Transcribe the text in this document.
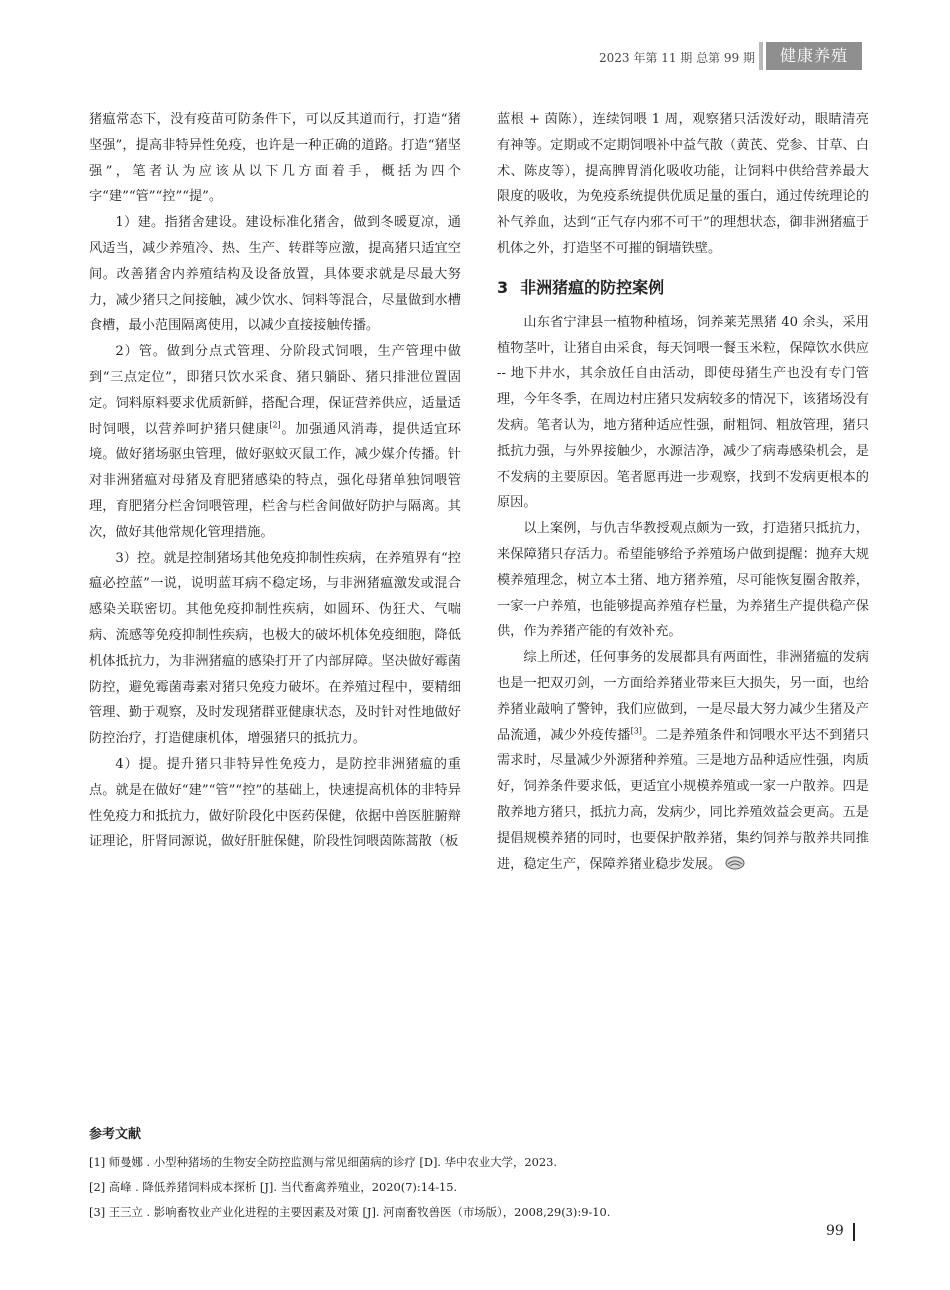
2023 年第 11 期 总第 99 期	健康养殖

猪瘟常态下，没有疫苗可防条件下，可以反其道而行，打造“猪坚强”，提高非特异性免疫，也许是一种正确的道路。打造“猪坚强”，笔者认为应该从以下几方面着手，概括为四个字“建”“管”“控”“提”。

1）建。指猪舍建设。建设标准化猪舍，做到冬暖夏凉，通风适当，减少养殖冷、热、生产、转群等应激，提高猪只适宜空间。改善猪舍内养殖结构及设备放置，具体要求就是尽最大努力，减少猪只之间接触，减少饮水、饲料等混合，尽量做到水槽食槽，最小范围隔离使用，以减少直接接触传播。

2）管。做到分点式管理、分阶段式饲喂，生产管理中做到“三点定位”，即猪只饮水采食、猪只躺卧、猪只排泄位置固定。饲料原料要求优质新鲜，搭配合理，保证营养供应，适量适时饲喂，以营养呵护猪只健康[2]。加强通风消毒，提供适宜环境。做好猪场驱虫管理，做好驱蚊灭鼠工作，减少媒介传播。针对非洲猪瘟对母猪及育肥猪感染的特点，强化母猪单独饲喂管理，育肥猪分栏舍饲喂管理，栏舍与栏舍间做好防护与隔离。其次，做好其他常规化管理措施。

3）控。就是控制猪场其他免疫抑制性疾病，在养殖界有“控瘟必控蓝”一说，说明蓝耳病不稳定场，与非洲猪瘟激发或混合感染关联密切。其他免疫抑制性疾病，如圆环、伪狂犬、气喘病、流感等免疫抑制性疾病，也极大的破坏机体免疫细胞，降低机体抵抗力，为非洲猪瘟的感染打开了内部屏障。坚决做好霉菌防控，避免霉菌毒素对猪只免疫力破坏。在养殖过程中，要精细管理、勤于观察，及时发现猪群亚健康状态，及时针对性地做好防控治疗，打造健康机体，增强猪只的抵抗力。

4）提。提升猪只非特异性免疫力，是防控非洲猪瘟的重点。就是在做好“建”“管”“控”的基础上，快速提高机体的非特异性免疫力和抵抗力，做好阶段化中医药保健，依据中兽医脏腑辩证理论，肝肾同源说，做好肝脏保健，阶段性饲喂茵陈蒿散（板

蓝根 + 茵陈），连续饲喂 1 周，观察猪只活泼好动，眼睛清亮有神等。定期或不定期饲喂补中益气散（黄芪、党参、甘草、白术、陈皮等），提高脾胃消化吸收功能，让饲料中供给营养最大限度的吸收，为免疫系统提供优质足量的蛋白，通过传统理论的补气养血，达到“正气存内邪不可干”的理想状态，御非洲猪瘟于机体之外，打造坚不可摧的铜墙铁壁。

3 非洲猪瘟的防控案例

山东省宁津县一植物种植场，饲养莱芜黑猪 40 余头，采用植物茎叶，让猪自由采食，每天饲喂一餐玉米粒，保障饮水供应 -- 地下井水，其余放任自由活动，即使母猪生产也没有专门管理，今年冬季，在周边村庄猪只发病较多的情况下，该猪场没有发病。笔者认为，地方猪种适应性强，耐粗饲、粗放管理，猪只抵抗力强，与外界接触少，水源洁净，减少了病毒感染机会，是不发病的主要原因。笔者愿再进一步观察，找到不发病更根本的原因。

以上案例，与仇吉华教授观点颇为一致，打造猪只抵抗力，来保障猪只存活力。希望能够给予养殖场户做到提醒：抛弃大规模养殖理念，树立本土猪、地方猪养殖，尽可能恢复圈舍散养，一家一户养殖，也能够提高养殖存栏量，为养猪生产提供稳产保供，作为养猪产能的有效补充。

综上所述，任何事务的发展都具有两面性，非洲猪瘟的发病也是一把双刃剑，一方面给养猪业带来巨大损失，另一面，也给养猪业敲响了警钟，我们应做到，一是尽最大努力减少生猪及产品流通，减少外疫传播[3]。二是养殖条件和饲喂水平达不到猪只需求时，尽量减少外源猪种养殖。三是地方品种适应性强，肉质好，饲养条件要求低，更适宜小规模养殖或一家一户散养。四是散养地方猪只，抵抗力高，发病少，同比养殖效益会更高。五是提倡规模养猪的同时，也要保护散养猪，集约饲养与散养共同推进，稳定生产，保障养猪业稳步发展。

参考文献
[1] 师曼娜 . 小型种猪场的生物安全防控监测与常见细菌病的诊疗 [D]. 华中农业大学，2023.
[2] 高峰 . 降低养猪饲料成本探析 [J]. 当代畜禽养殖业，2020(7):14-15.
[3] 王三立 . 影响畜牧业产业化进程的主要因素及对策 [J]. 河南畜牧兽医（市场版），2008,29(3):9-10.
99
